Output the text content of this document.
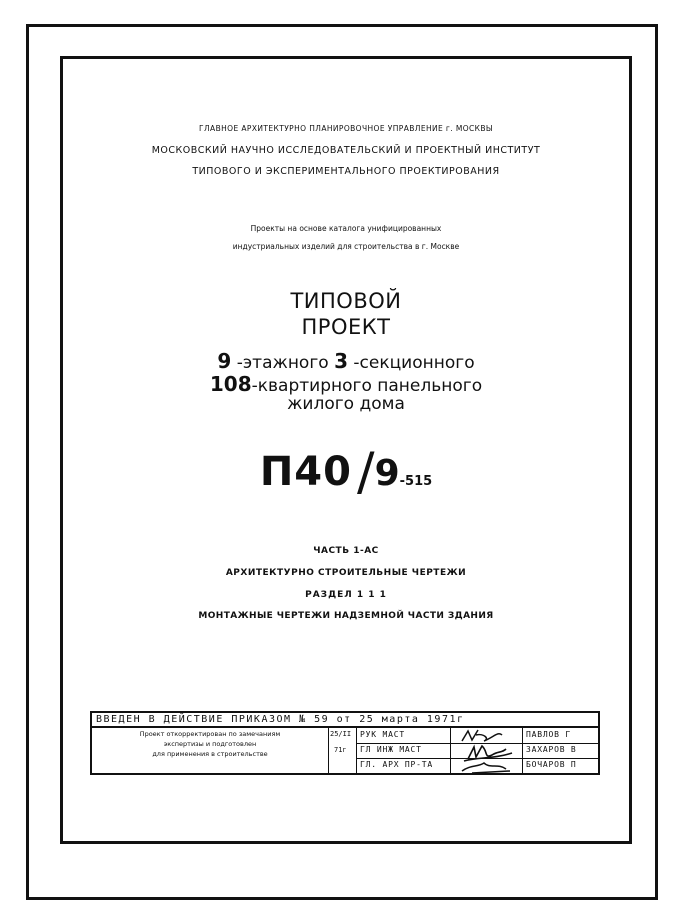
ГЛАВНОЕ АРХИТЕКТУРНО ПЛАНИРОВОЧНОЕ УПРАВЛЕНИЕ г. МОСКВЫ
МОСКОВСКИЙ НАУЧНО ИССЛЕДОВАТЕЛЬСКИЙ И ПРОЕКТНЫЙ ИНСТИТУТ
ТИПОВОГО И ЭКСПЕРИМЕНТАЛЬНОГО ПРОЕКТИРОВАНИЯ
Проекты на основе каталога унифицированных
индустриальных изделий для строительства в г. Москве
ТИПОВОЙ
ПРОЕКТ
9 -этажного 3 -секционного
108-квартирного панельного
жилого дома
П40 /9-515
ЧАСТЬ 1-АС
АРХИТЕКТУРНО СТРОИТЕЛЬНЫЕ ЧЕРТЕЖИ
РАЗДЕЛ 1 1 1
МОНТАЖНЫЕ ЧЕРТЕЖИ НАДЗЕМНОЙ ЧАСТИ ЗДАНИЯ
ВВЕДЕН В ДЕЙСТВИЕ ПРИКАЗОМ № 59 от 25 марта 1971г
Проект откорректирован по замечаниям
экспертизы и подготовлен
для применения в строительстве
25/II
71г
РУК МАСТ
ГЛ ИНЖ МАСТ
ГЛ. АРХ ПР-ТА
ПАВЛОВ Г
ЗАХАРОВ В
БОЧАРОВ П
